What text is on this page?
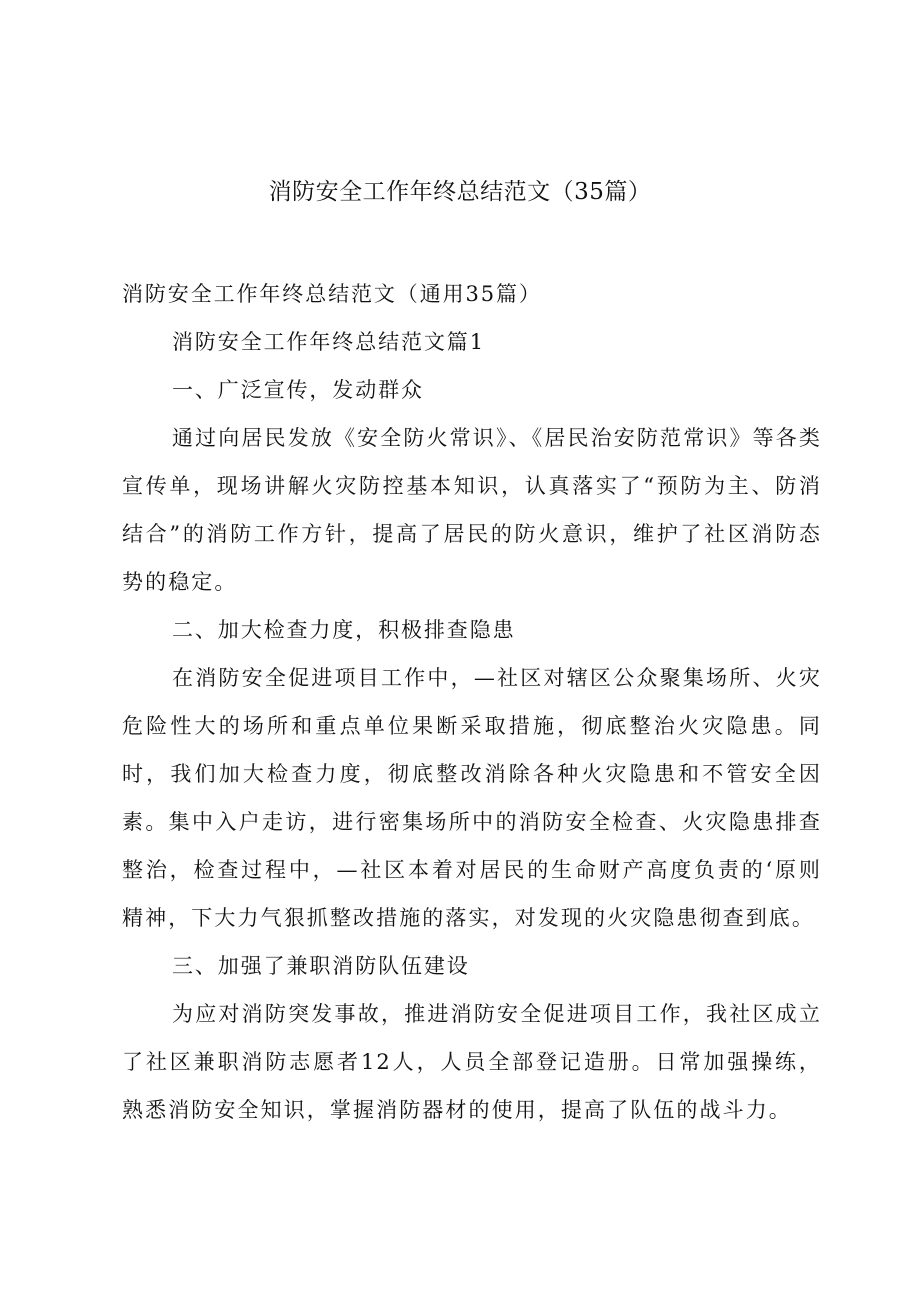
消防安全工作年终总结范文（35篇）

消防安全工作年终总结范文（通用35篇）

消防安全工作年终总结范文篇1

一、广泛宣传，发动群众

通过向居民发放《安全防火常识》、《居民治安防范常识》等各类宣传单，现场讲解火灾防控基本知识，认真落实了“预防为主、防消结合”的消防工作方针，提高了居民的防火意识，维护了社区消防态势的稳定。

二、加大检查力度，积极排查隐患

在消防安全促进项目工作中，—社区对辖区公众聚集场所、火灾危险性大的场所和重点单位果断采取措施，彻底整治火灾隐患。同时，我们加大检查力度，彻底整改消除各种火灾隐患和不管安全因素。集中入户走访，进行密集场所中的消防安全检查、火灾隐患排查整治，检查过程中，—社区本着对居民的生命财产高度负责的‘原则精神，下大力气狠抓整改措施的落实，对发现的火灾隐患彻查到底。

三、加强了兼职消防队伍建设

为应对消防突发事故，推进消防安全促进项目工作，我社区成立了社区兼职消防志愿者12人，人员全部登记造册。日常加强操练，熟悉消防安全知识，掌握消防器材的使用，提高了队伍的战斗力。
